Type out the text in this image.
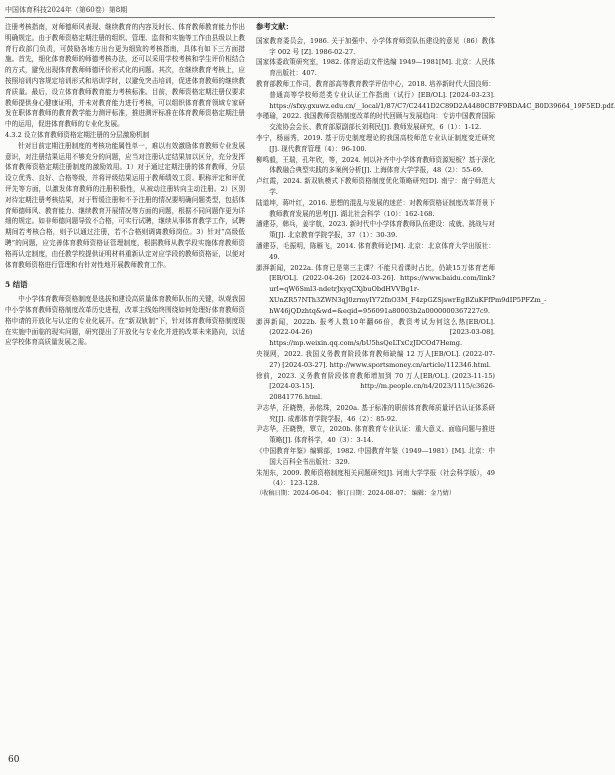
中国体育科技2024年（第60卷）第8期

注册考核指南，对师德师风表现、继续教育的内容及时长、体育教师教育能力作出明确规定。由于教师资格定期注册的组织、管理、监督和实施等工作由县级以上教育行政部门负责，可鼓励各地方出台更为细致的考核指南，具体有如下三方面措施。首先，细化体育教师的师德考核办法，还可以采用学校考核和学生评价相结合的方式，避免出现体育教师师德评价形式化的问题。其次，在继续教育考核上，应按照培训内容规定培训形式和培训学时，以避免突击培训，促进体育教师的继续教育质量。最后，设立体育教师教育能力考核标准。目前，教师资格定期注册仅要求教师提供身心健康证明，并未对教育能力进行考核，可以组织体育教育领域专家研发在职体育教师的教育教学能力测评标准，推进测评标准在体育教师资格定期注册中的运用，促进体育教师的专业化发展。

4.3.2 设立体育教师资格定期注册的分层激励机制

针对目前定期注册制度的考核功能属性单一，难以有效激励体育教师专业发展意识，对注册结果运用不够充分的问题，应当对注册认定结果加以区分，充分发挥体育教师资格定期注册制度的激励效用。1）对于通过定期注册的体育教师，分层设立优秀、良好、合格等级，并将评级结果运用于教师绩效工资、职称评定和评优评先等方面，以激发体育教师的注册积极性，从被动注册转向主动注册。2）区别对待定期注册考核结果，对于暂缓注册和不予注册的情况要明确问题类型，包括体育师德师风、教育能力、继续教育开展情况等方面的问题，根据不同问题作更为详细的规定。如非师德问题导致不合格，可实行试聘，继续从事体育教学工作，试聘期间若考核合格，则予以通过注册，若不合格则调离教师岗位。3）针对“高级低聘”的问题，应完善体育教师资格证管理制度，根据教师从教学段实施体育教师资格再认定制度，由任教学校提供证明材料重新认定对应学段的教师资格证，以便对体育教师资格进行管理和有针对性地开展教师教育工作。

5 结语

中小学体育教师资格制度是选拔和建设高质量体育教师队伍的关键，纵观我国中小学体育教师资格制度改革历史进程，改革主线始终围绕如何处理好体育教师资格申请的开放化与认定的专业化展开。在“新双轨制”下，针对体育教师资格制度现在实施中面临的现实问题，研究提出了开放化与专业化并进的改革未来路向，以适应学校体育高质量发展之需。

参考文献：

国家教育委员会，1986. 关于加强中、小学体育师资队伍建设的意见（86）教体字 002 号 [Z]. 1986-02-27.

国家体委政策研究室，1982. 体育运动文件选编 1949—1981[M]. 北京：人民体育出版社：407.

教育部教师工作司，教育部高等教育教学评估中心，2018. 培养新时代大国良师：普通高等学校师范类专业认证工作指南（试行）[EB/OL]. [2024-03-23]. https://sfxy.gxuwz.edu.cn/__local/1/87/C7/C2441D2C89D2A4480CB7F9BDA4C_B0D39664_19F5ED.pdf.

李瑾瑜，2022. 我国教师资格制度改革的时代回顾与发展趋向：专访中国教育国际交流协会会长、教育部原副部长刘利民[J]. 教师发展研究，6（1）：1-12.

李宁，杨丽秀，2019. 基于历史制度理论的我国高校师范专业认证制度变迁研究[J]. 现代教育管理（4）：96-100.

柳鸣毅，王瑞，孔年欣，等，2024. 何以补齐中小学体育教师资源短板？基于深化体教融合典型实践的多案例分析[J]. 上海体育大学学报，48（2）：55-69.

卢红霞，2024. 新双轨模式下教师资格制度优化策略研究[D]. 南宁：南宁师范大学.

陆道坤，蒋叶红，2016. 思想的混乱与发展的迷茫：对教师资格证制度改革背景下教师教育发展的思考[J]. 湖北社会科学（10）：162-168.

潘建芬，韩兵，姜宇航，2023. 新时代中小学体育教师队伍建设：成就、挑战与对策[J]. 北京教育学院学报，37（1）：30-39.

潘建芬，毛振明，陈雁飞，2014. 体育教师论[M]. 北京：北京体育大学出版社：49.

澎湃新闻，2022a. 体育已是第三主课？不能只看课时占比，仍缺15万体育老师[EB/OL]. (2022-04-26) [2024-03-26]. https://www.baidu.com/link?url=qW6Sml3-ndetrJxyqCXjbuObdHVVBg1r-XUnZR57NTh3ZWN3qJ0zrmyIY72fnO3M_F4zpGZSjswrEgBZuKFfPm9dIP5PFZm_-hW46jQDzhtq&wd=&eqid=956091a80003b2a0000000367227c9.

澎湃新闻，2022b. 报考人数10年翻66倍，教资考试为何这么热[EB/OL]. (2022-04-26) [2023-03-08]. https://mp.weixin.qq.com/s/bU5hsQeLTxCzJDCOd7Hemg.

央视网，2022. 我国义务教育阶段体育教师缺编 12 万人[EB/OL]. (2022-07-27) [2024-03-27]. http://www.sportsmoney.cn/article/112346.html.

徐前，2023. 义务教育阶段体育教师增加到 70 万人[EB/OL]. (2023-11-15) [2024-03-15]. http://m.people.cn/n4/2023/1115/c3626-20841776.html.

尹志华，汪晓赞，孙铭珠，2020a. 基于标准的职前体育教师质量评估认证体系研究[J]. 成都体育学院学报，46（2）：85-92.

尹志华，汪晓赞，覃立，2020b. 体育教育专业认证：重大意义、面临问题与推进策略[J]. 体育科学，40（3）：3-14.

《中国教育年鉴》编辑部，1982. 中国教育年鉴（1949—1981）[M]. 北京：中国大百科全书出版社：329.

朱旭东，2009. 教师资格制度相关问题研究[J]. 河南大学学报（社会科学版），49（4）：123-128.

（收稿日期：2024-06-04； 修订日期：2024-08-07； 编辑：金乃婧）

60
